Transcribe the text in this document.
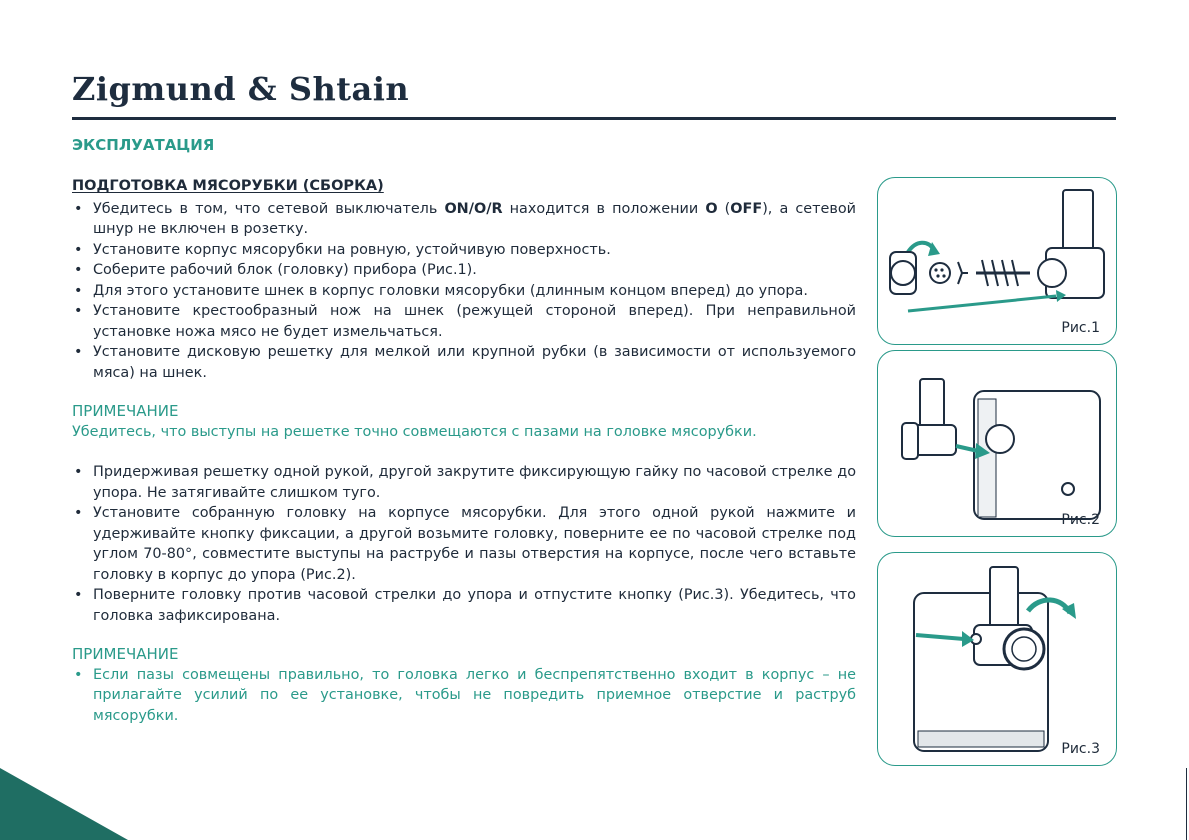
Zigmund & Shtain
ЭКСПЛУАТАЦИЯ
ПОДГОТОВКА МЯСОРУБКИ (СБОРКА)
• Убедитесь в том, что сетевой выключатель ON/O/R находится в положении O (OFF), а сетевой шнур не включен в розетку.
• Установите корпус мясорубки на ровную, устойчивую поверхность.
• Соберите рабочий блок (головку) прибора (Рис.1).
• Для этого установите шнек в корпус головки мясорубки (длинным концом вперед) до упора.
• Установите крестообразный нож на шнек (режущей стороной вперед). При неправильной установке ножа мясо не будет измельчаться.
• Установите дисковую решетку для мелкой или крупной рубки (в зависимости от используемого мяса) на шнек.
ПРИМЕЧАНИЕ
Убедитесь, что выступы на решетке точно совмещаются с пазами на головке мясорубки.
• Придерживая решетку одной рукой, другой закрутите фиксирующую гайку по часовой стрелке до упора. Не затягивайте слишком туго.
• Установите собранную головку на корпусе мясорубки. Для этого одной рукой нажмите и удерживайте кнопку фиксации, а другой возьмите головку, поверните ее по часовой стрелке под углом 70-80°, совместите выступы на раструбе и пазы отверстия на корпусе, после чего вставьте головку в корпус до упора (Рис.2).
• Поверните головку против часовой стрелки до упора и отпустите кнопку (Рис.3). Убедитесь, что головка зафиксирована.
ПРИМЕЧАНИЕ
• Если пазы совмещены правильно, то головка легко и беспрепятственно входит в корпус – не прилагайте усилий по ее установке, чтобы не повредить приемное отверстие и раструб мясорубки.
Рис.1
Рис.2
Рис.3
